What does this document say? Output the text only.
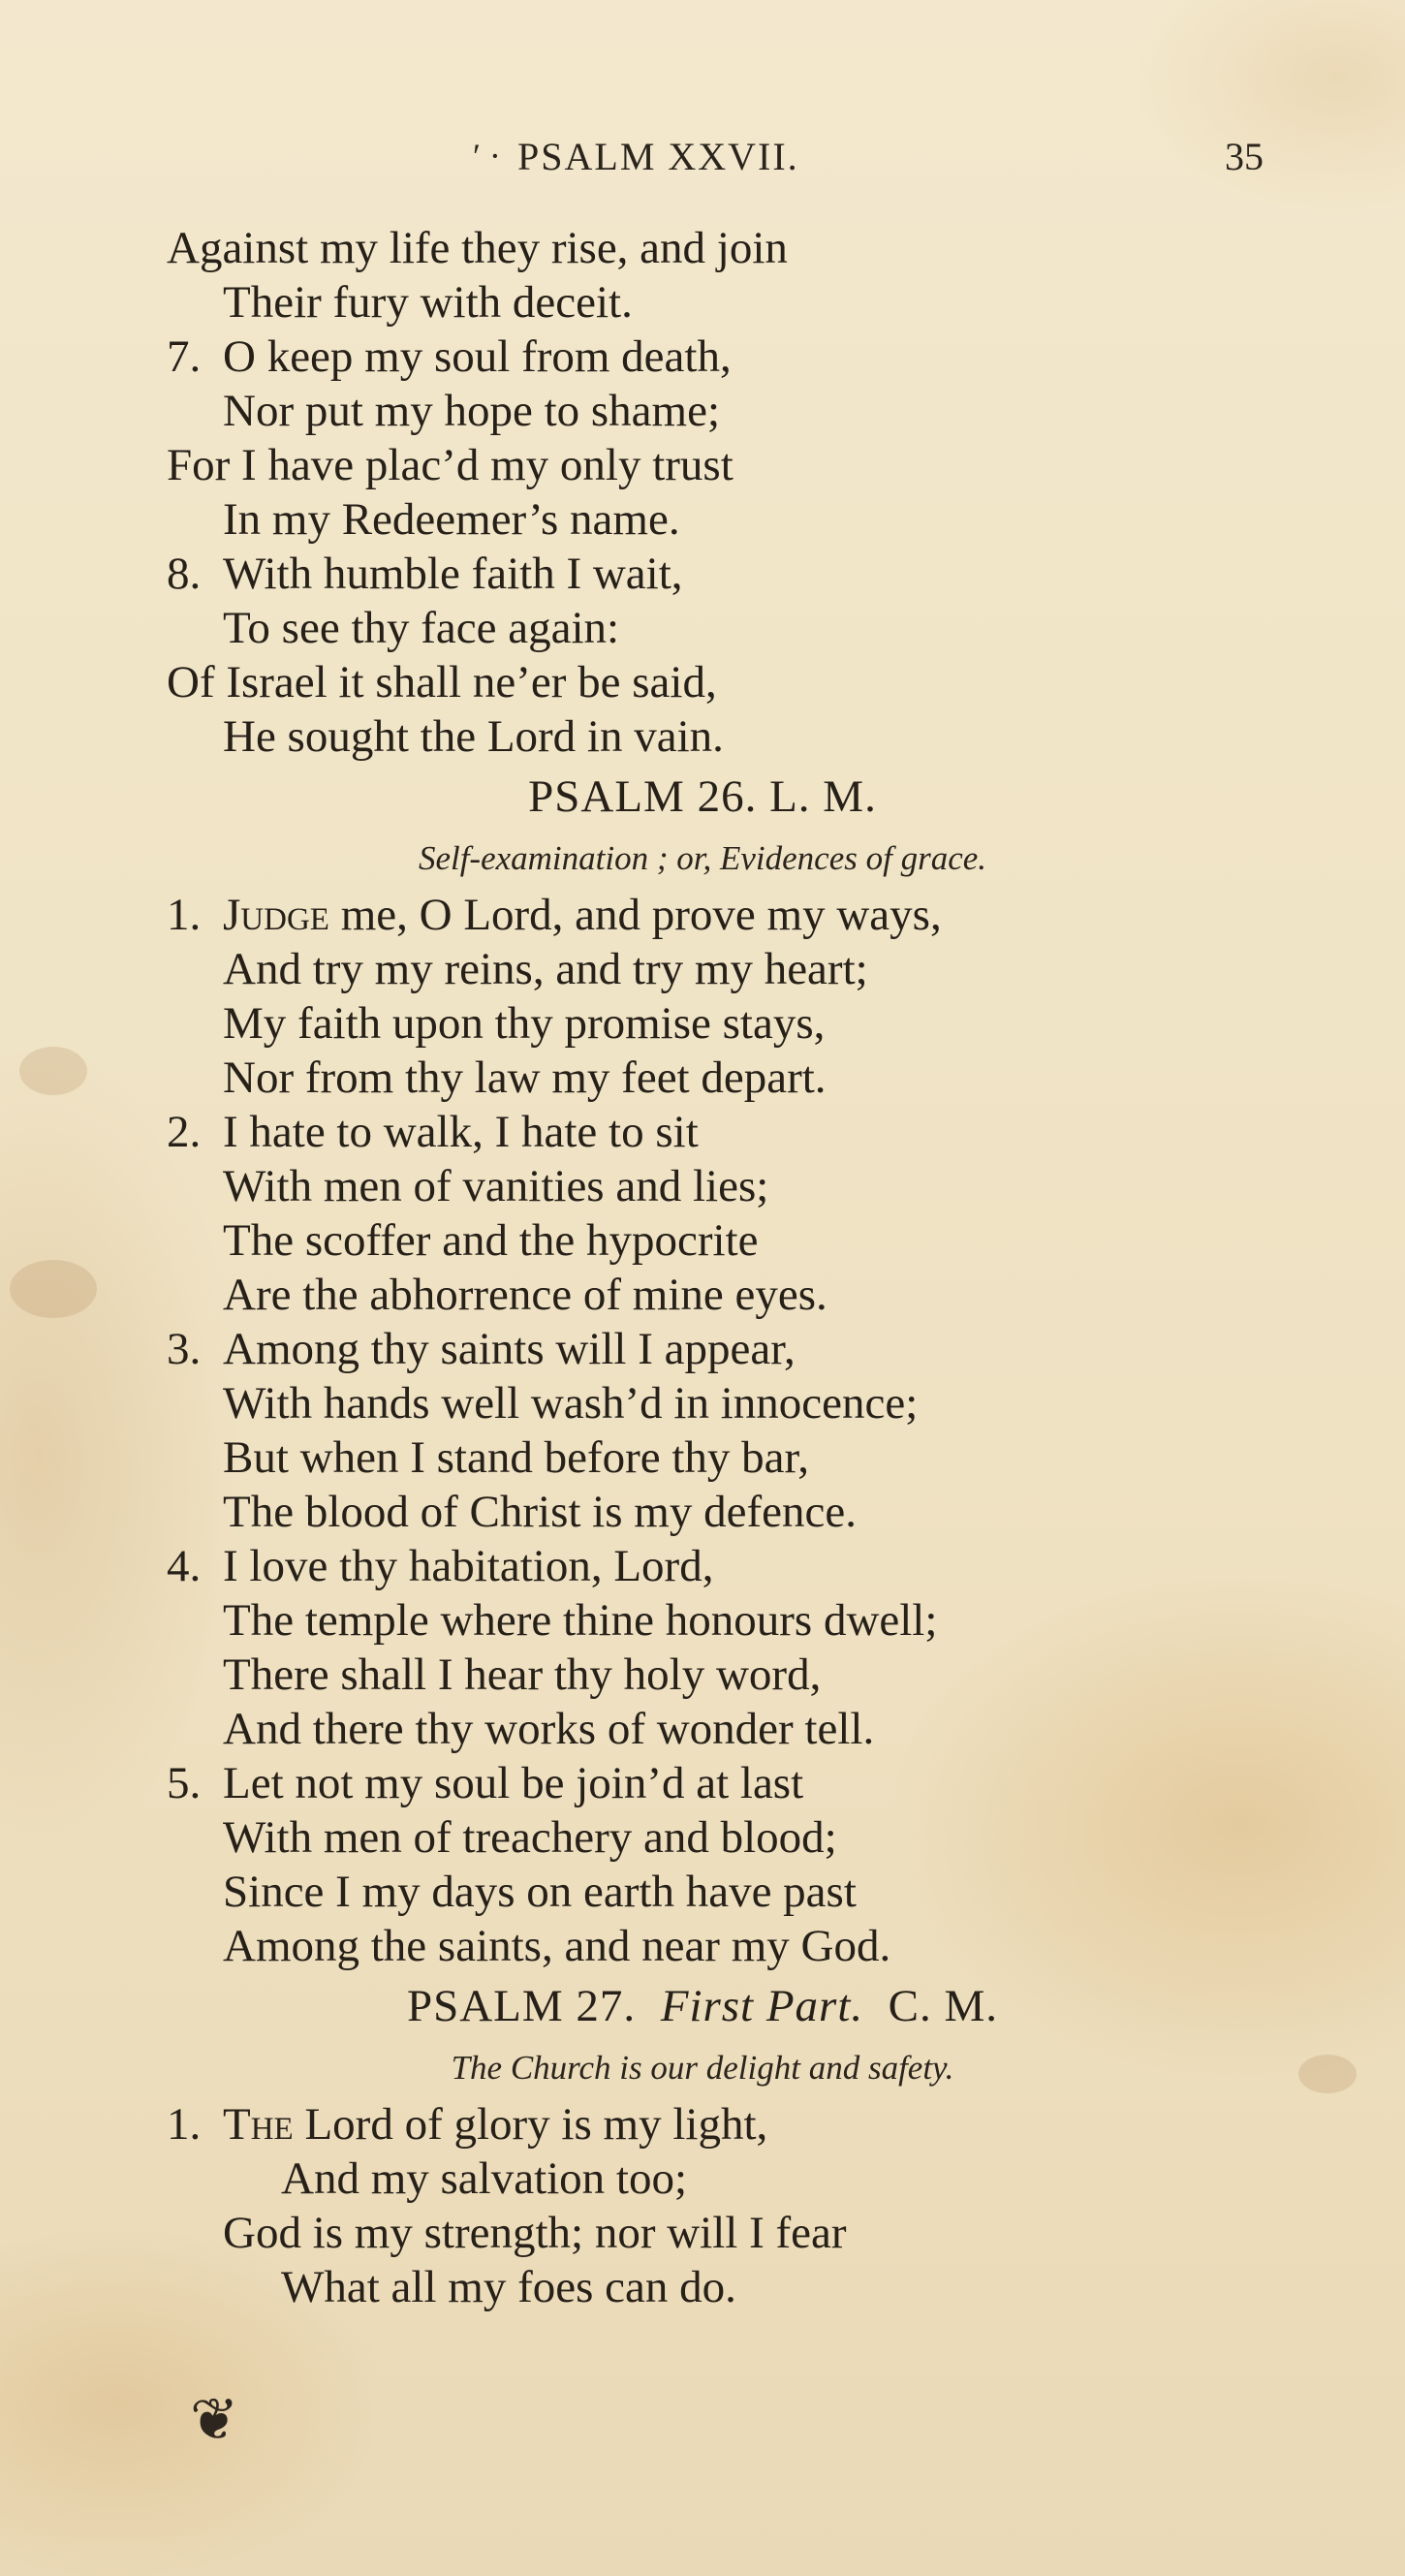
′ · PSALM XXVII.	35
Against my life they rise, and join
Their fury with deceit.
7. O keep my soul from death,
Nor put my hope to shame;
For I have plac’d my only trust
In my Redeemer’s name.
8. With humble faith I wait,
To see thy face again:
Of Israel it shall ne’er be said,
He sought the Lord in vain.
PSALM 26. L. M.
Self-examination ; or, Evidences of grace.
1. Judge me, O Lord, and prove my ways,
And try my reins, and try my heart;
My faith upon thy promise stays,
Nor from thy law my feet depart.
2. I hate to walk, I hate to sit
With men of vanities and lies;
The scoffer and the hypocrite
Are the abhorrence of mine eyes.
3. Among thy saints will I appear,
With hands well wash’d in innocence;
But when I stand before thy bar,
The blood of Christ is my defence.
4. I love thy habitation, Lord,
The temple where thine honours dwell;
There shall I hear thy holy word,
And there thy works of wonder tell.
5. Let not my soul be join’d at last
With men of treachery and blood;
Since I my days on earth have past
Among the saints, and near my God.
PSALM 27. First Part. C. M.
The Church is our delight and safety.
1. The Lord of glory is my light,
And my salvation too;
God is my strength; nor will I fear
What all my foes can do.
❦
